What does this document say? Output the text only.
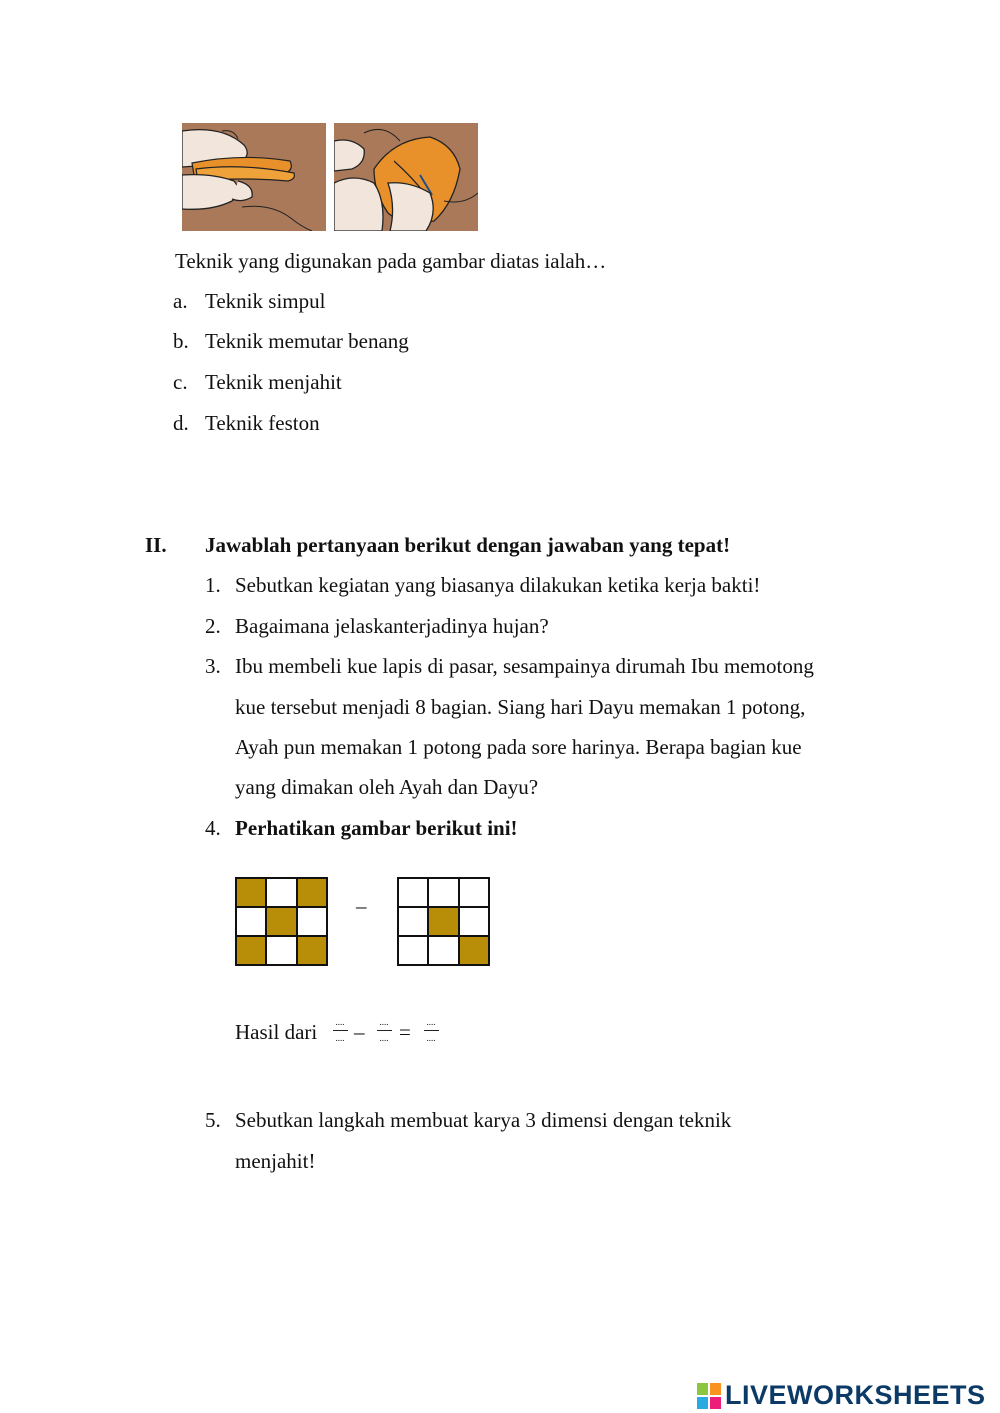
Teknik yang digunakan pada gambar diatas ialah…
a. Teknik simpul
b. Teknik memutar benang
c. Teknik menjahit
d. Teknik feston
II. Jawablah pertanyaan berikut dengan jawaban yang tepat!
1. Sebutkan kegiatan yang biasanya dilakukan ketika kerja bakti!
2. Bagaimana jelaskanterjadinya hujan?
3. Ibu membeli kue lapis di pasar, sesampainya dirumah Ibu memotong
kue tersebut menjadi 8 bagian. Siang hari Dayu memakan 1 potong,
Ayah pun memakan 1 potong pada sore harinya. Berapa bagian kue
yang dimakan oleh Ayah dan Dayu?
4. Perhatikan gambar berikut ini!
–
Hasil dari	....
.... –	....
.... =	....
....
5. Sebutkan langkah membuat karya 3 dimensi dengan teknik
menjahit!
LIVEWORKSHEETS
